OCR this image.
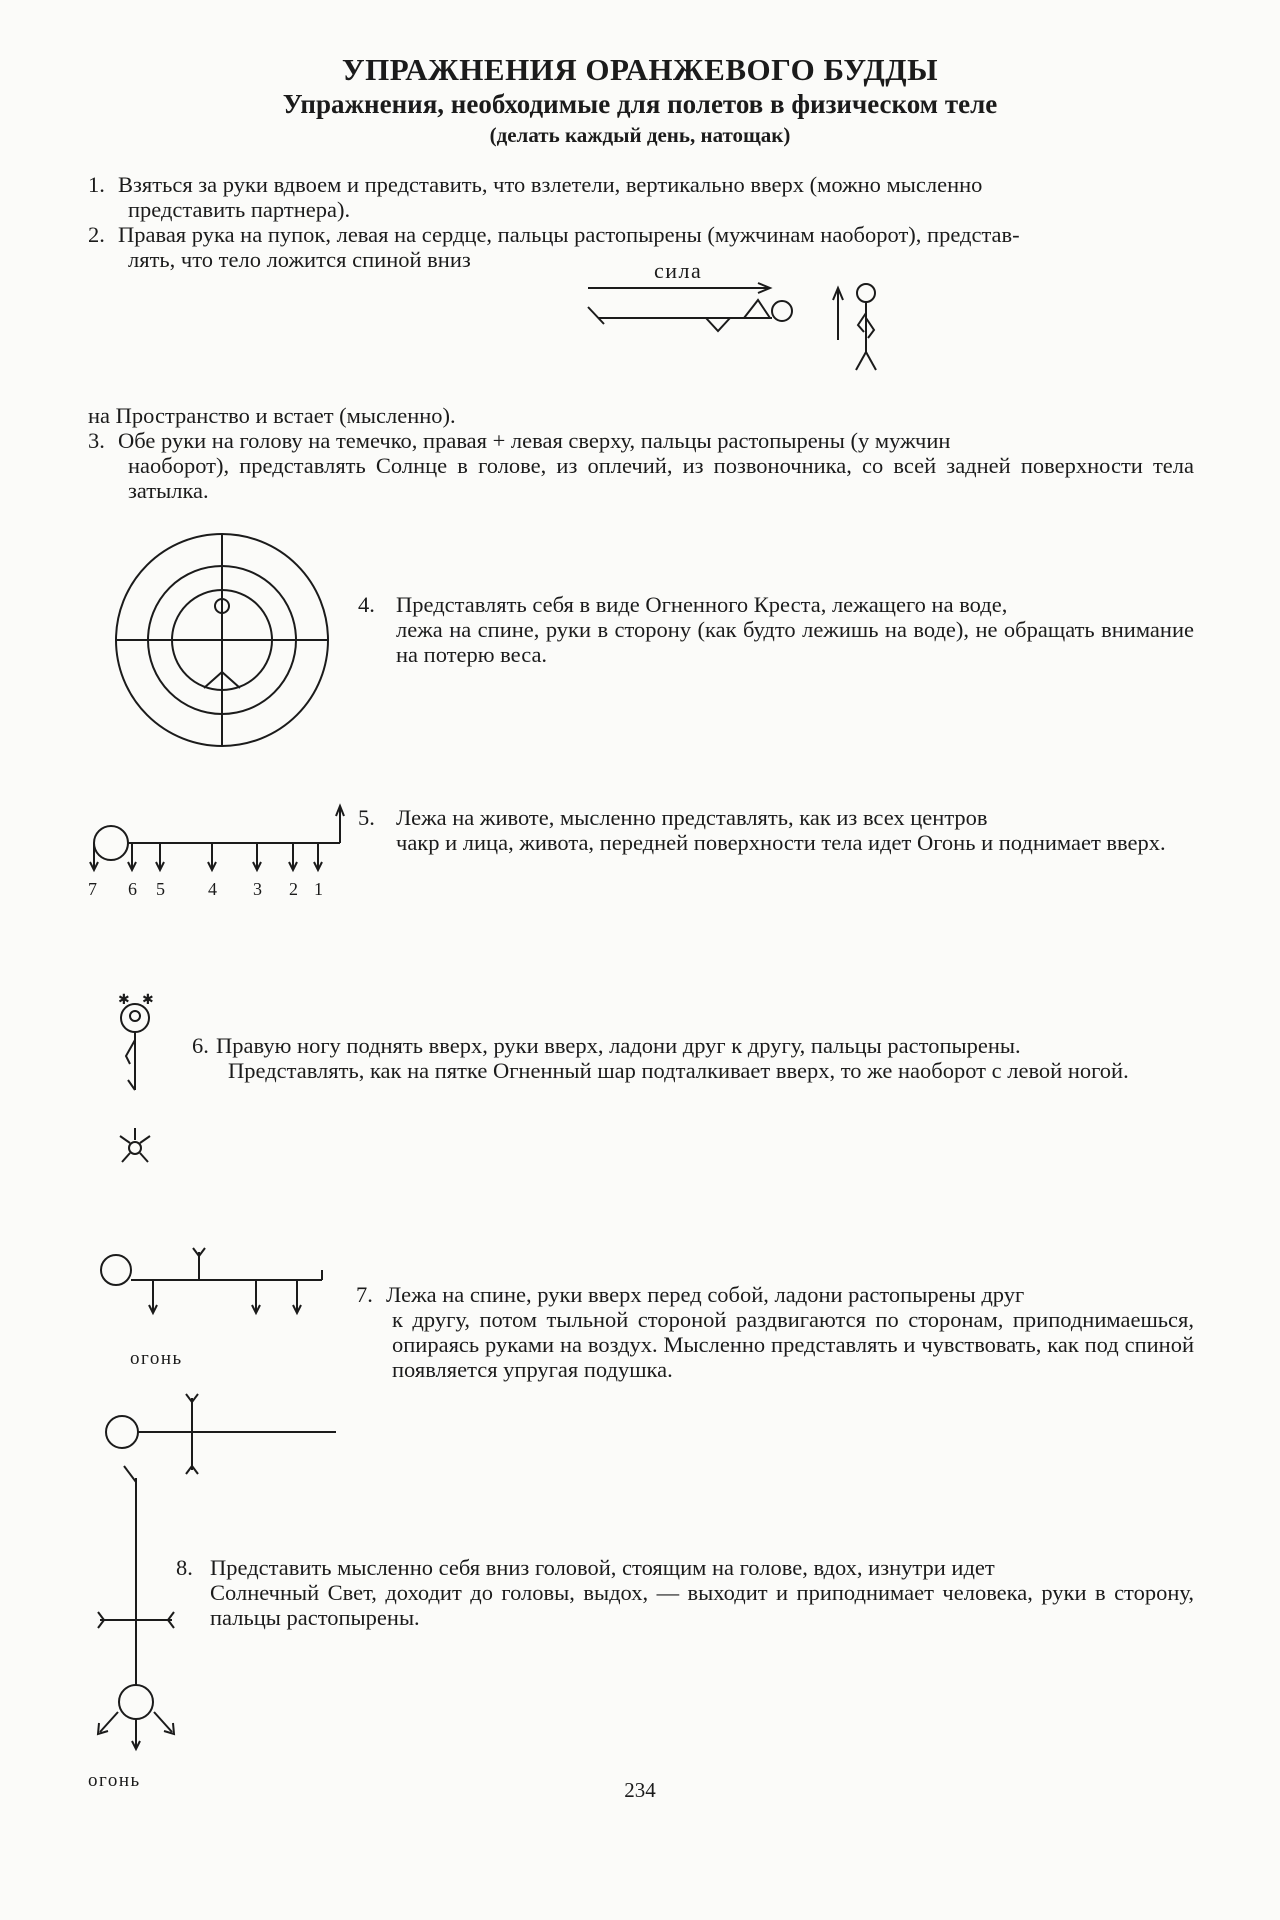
УПРАЖНЕНИЯ ОРАНЖЕВОГО БУДДЫ
Упражнения, необходимые для полетов в физическом теле
(делать каждый день, натощак)
1. Взяться за руки вдвоем и представить, что взлетели, вертикально вверх (можно мысленно
представить партнера).
2. Правая рука на пупок, левая на сердце, пальцы растопырены (мужчинам наоборот), представ-
лять, что тело ложится спиной вниз	сила
на Пространство и встает (мысленно).
3. Обе руки на голову на темечко, правая + левая сверху, пальцы растопырены (у мужчин
наоборот), представлять Солнце в голове, из оплечий, из позвоночника, со всей задней поверхности тела затылка.
4. Представлять себя в виде Огненного Креста, лежащего на воде,
лежа на спине, руки в сторону (как будто лежишь на воде), не обращать внимание на потерю веса.
7 6 5 4 3 2 1
5. Лежа на животе, мысленно представлять, как из всех центров
чакр и лица, живота, передней поверхности тела идет Огонь и поднимает вверх.
✱ ✱
6. Правую ногу поднять вверх, руки вверх, ладони друг к другу, пальцы растопырены.
Представлять, как на пятке Огненный шар подталкивает вверх, то же наоборот с левой ногой.
огонь
7. Лежа на спине, руки вверх перед собой, ладони растопырены друг
к другу, потом тыльной стороной раздвигаются по сторонам, приподнимаешься, опираясь руками на воздух. Мысленно представлять и чувствовать, как под спиной появляется упругая подушка.
8. Представить мысленно себя вниз головой, стоящим на голове, вдох, изнутри идет
Солнечный Свет, доходит до головы, выдох, — выходит и приподнимает человека, руки в сторону, пальцы растопырены.
огонь	234
